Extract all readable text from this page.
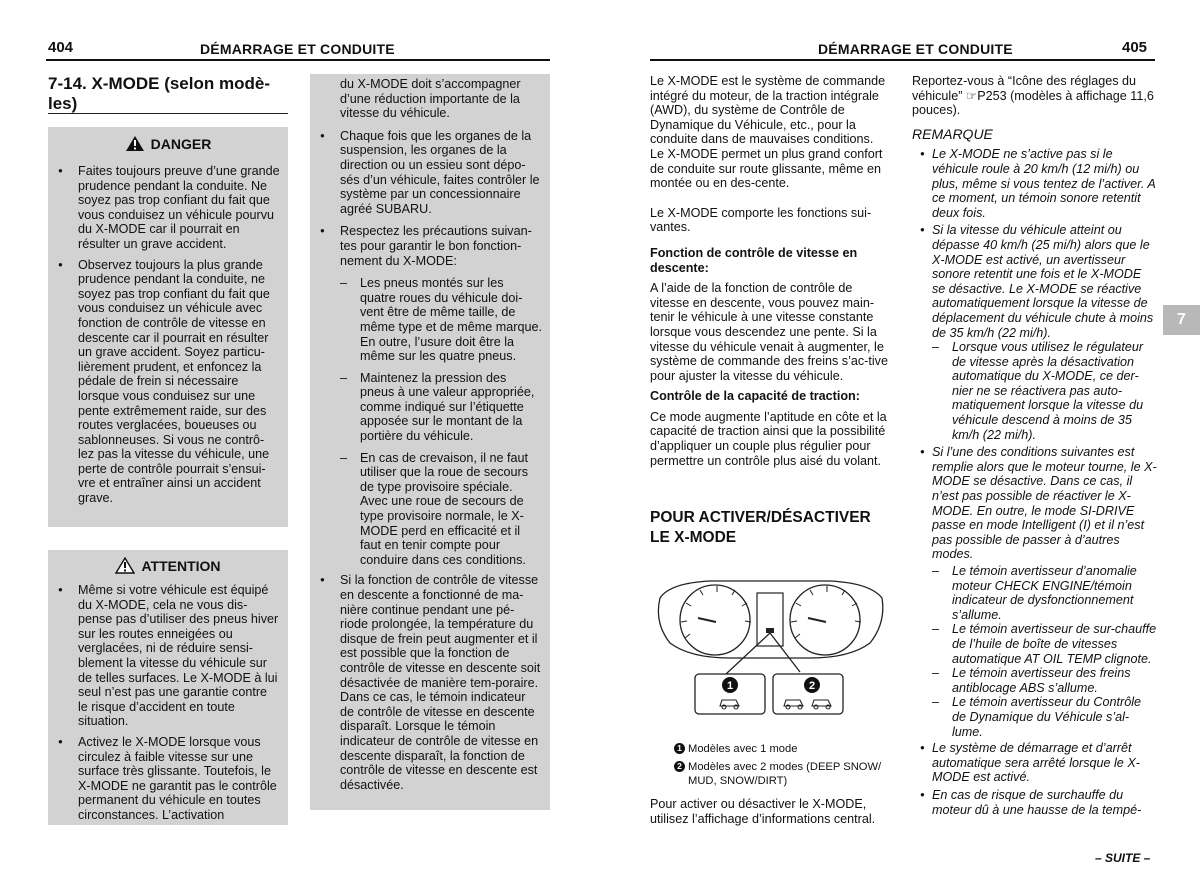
404	DÉMARRAGE ET CONDUITE	DÉMARRAGE ET CONDUITE	405
7-14. X-MODE (selon modè-les)
DANGER

● Faites toujours preuve d’une grande prudence pendant la conduite. Ne soyez pas trop confiant du fait que vous conduisez un véhicule pourvu du X-MODE car il pourrait en résulter un grave accident.

● Observez toujours la plus grande prudence pendant la conduite, ne soyez pas trop confiant du fait que vous conduisez un véhicule avec fonction de contrôle de vitesse en descente car il pourrait en résulter un grave accident. Soyez particu-lièrement prudent, et enfoncez la pédale de frein si nécessaire lorsque vous conduisez sur une pente extrêmement raide, sur des routes verglacées, boueuses ou sablonneuses. Si vous ne contrô-lez pas la vitesse du véhicule, une perte de contrôle pourrait s’ensui-vre et entraîner ainsi un accident grave.

ATTENTION

● Même si votre véhicule est équipé du X-MODE, cela ne vous dis-pense pas d’utiliser des pneus hiver sur les routes enneigées ou verglacées, ni de réduire sensi-blement la vitesse du véhicule sur de telles surfaces. Le X-MODE à lui seul n’est pas une garantie contre le risque d’accident en toute situation.

● Activez le X-MODE lorsque vous circulez à faible vitesse sur une surface très glissante. Toutefois, le X-MODE ne garantit pas le contrôle permanent du véhicule en toutes circonstances. L’activation

du X-MODE doit s’accompagner d’une réduction importante de la vitesse du véhicule.

● Chaque fois que les organes de la suspension, les organes de la direction ou un essieu sont dépo-sés d’un véhicule, faites contrôler le système par un concessionnaire agréé SUBARU.

● Respectez les précautions suivan-tes pour garantir le bon fonction-nement du X-MODE:

– Les pneus montés sur les quatre roues du véhicule doi-vent être de même taille, de même type et de même marque. En outre, l’usure doit être la même sur les quatre pneus.

– Maintenez la pression des pneus à une valeur appropriée, comme indiqué sur l’étiquette apposée sur le montant de la portière du véhicule.

– En cas de crevaison, il ne faut utiliser que la roue de secours de type provisoire spéciale. Avec une roue de secours de type provisoire normale, le X-MODE perd en efficacité et il faut en tenir compte pour conduire dans ces conditions.

● Si la fonction de contrôle de vitesse en descente a fonctionné de ma-nière continue pendant une pé-riode prolongée, la température du disque de frein peut augmenter et il est possible que la fonction de contrôle de vitesse en descente soit désactivée de manière tem-poraire. Dans ce cas, le témoin indicateur de contrôle de vitesse en descente disparaît. Lorsque le témoin indicateur de contrôle de vitesse en descente disparaît, la fonction de contrôle de vitesse en descente est désactivée.

Le X-MODE est le système de commande intégré du moteur, de la traction intégrale (AWD), du système de Contrôle de Dynamique du Véhicule, etc., pour la conduite dans de mauvaises conditions. Le X-MODE permet un plus grand confort de conduite sur route glissante, même en montée ou en des-cente.

Le X-MODE comporte les fonctions sui-vantes.

Fonction de contrôle de vitesse en descente:

A l’aide de la fonction de contrôle de vitesse en descente, vous pouvez main-tenir le véhicule à une vitesse constante lorsque vous descendez une pente. Si la vitesse du véhicule venait à augmenter, le système de commande des freins s’ac-tive pour ajuster la vitesse du véhicule.

Contrôle de la capacité de traction:

Ce mode augmente l’aptitude en côte et la capacité de traction ainsi que la possibilité d’appliquer un couple plus régulier pour permettre un contrôle plus aisé du volant.

POUR ACTIVER/DÉSACTIVER LE X-MODE
1	2
1 Modèles avec 1 mode
2 Modèles avec 2 modes (DEEP SNOW/ MUD, SNOW/DIRT)
Pour activer ou désactiver le X-MODE, utilisez l’affichage d’informations central.

Reportez-vous à “Icône des réglages du véhicule” ☞P253 (modèles à affichage 11,6 pouces).

REMARQUE

● Le X-MODE ne s’active pas si le véhicule roule à 20 km/h (12 mi/h) ou plus, même si vous tentez de l’activer. A ce moment, un témoin sonore retentit deux fois.

● Si la vitesse du véhicule atteint ou dépasse 40 km/h (25 mi/h) alors que le X-MODE est activé, un avertisseur sonore retentit une fois et le X-MODE se désactive. Le X-MODE se réactive automatiquement lorsque la vitesse de déplacement du véhicule chute à moins de 35 km/h (22 mi/h).

– Lorsque vous utilisez le régulateur de vitesse après la désactivation automatique du X-MODE, ce der-nier ne se réactivera pas auto-matiquement lorsque la vitesse du véhicule descend à moins de 35 km/h (22 mi/h).

● Si l’une des conditions suivantes est remplie alors que le moteur tourne, le X-MODE se désactive. Dans ce cas, il n’est pas possible de réactiver le X-MODE. En outre, le mode SI-DRIVE passe en mode Intelligent (I) et il n’est pas possible de passer à d’autres modes.

– Le témoin avertisseur d’anomalie moteur CHECK ENGINE/témoin indicateur de dysfonctionnement s’allume.

– Le témoin avertisseur de sur-chauffe de l’huile de boîte de vitesses automatique AT OIL TEMP clignote.

– Le témoin avertisseur des freins antiblocage ABS s’allume.

– Le témoin avertisseur du Contrôle de Dynamique du Véhicule s’al-lume.

● Le système de démarrage et d’arrêt automatique sera arrêté lorsque le X-MODE est activé.

● En cas de risque de surchauffe du moteur dû à une hausse de la tempé-

7
– SUITE –
